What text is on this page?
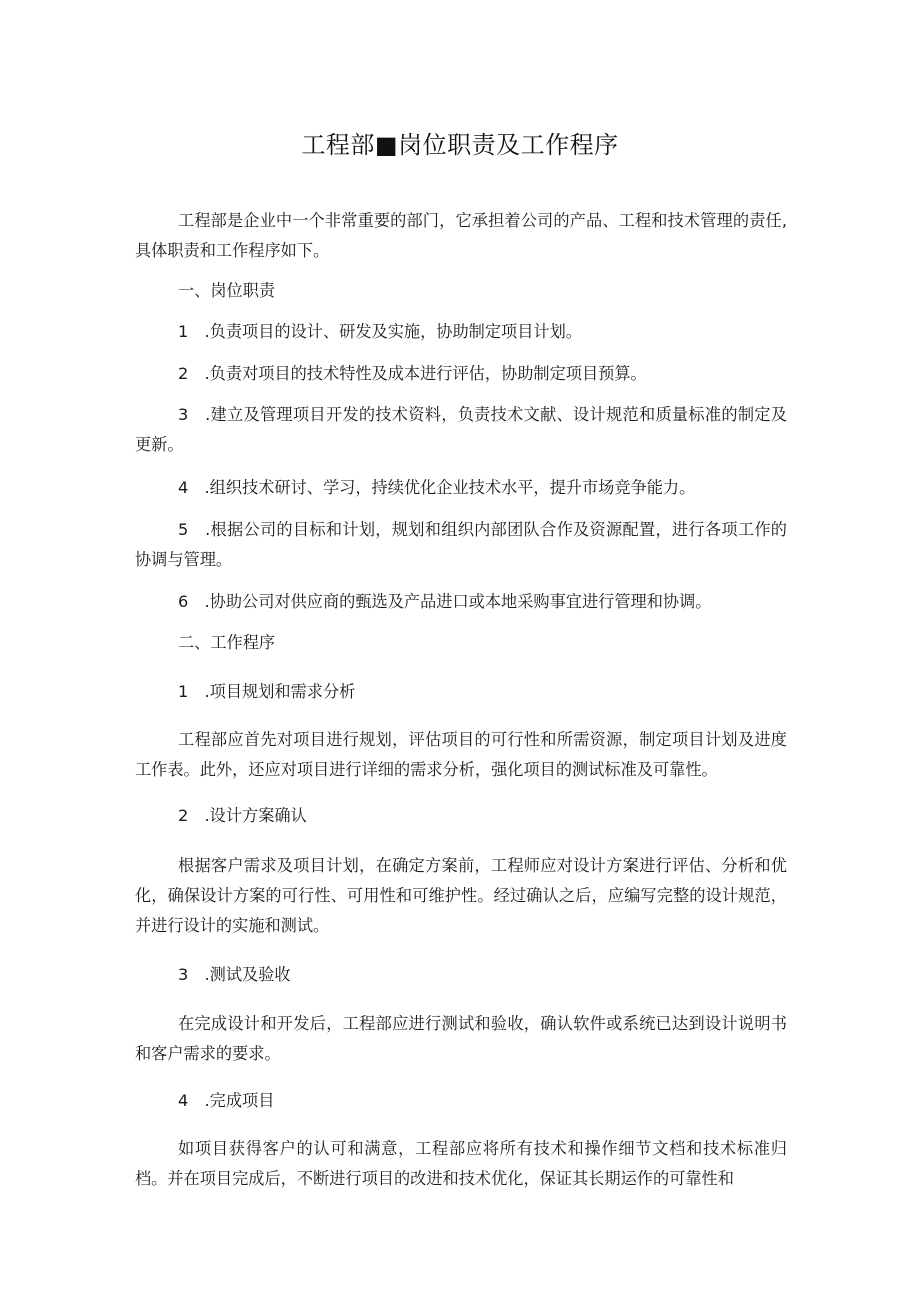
工程部■岗位职责及工作程序

工程部是企业中一个非常重要的部门，它承担着公司的产品、工程和技术管理的责任,具体职责和工作程序如下。

一、岗位职责

1　.负责项目的设计、研发及实施，协助制定项目计划。

2　.负责对项目的技术特性及成本进行评估，协助制定项目预算。

3　.建立及管理项目开发的技术资料，负责技术文献、设计规范和质量标准的制定及更新。

4　.组织技术研讨、学习，持续优化企业技术水平，提升市场竞争能力。

5　.根据公司的目标和计划，规划和组织内部团队合作及资源配置，进行各项工作的协调与管理。

6　.协助公司对供应商的甄选及产品进口或本地采购事宜进行管理和协调。

二、工作程序

1　.项目规划和需求分析

工程部应首先对项目进行规划，评估项目的可行性和所需资源，制定项目计划及进度工作表。此外，还应对项目进行详细的需求分析，强化项目的测试标准及可靠性。

2　.设计方案确认

根据客户需求及项目计划，在确定方案前，工程师应对设计方案进行评估、分析和优化，确保设计方案的可行性、可用性和可维护性。经过确认之后，应编写完整的设计规范，并进行设计的实施和测试。

3　.测试及验收

在完成设计和开发后，工程部应进行测试和验收，确认软件或系统已达到设计说明书和客户需求的要求。

4　.完成项目

如项目获得客户的认可和满意，工程部应将所有技术和操作细节文档和技术标准归档。并在项目完成后，不断进行项目的改进和技术优化，保证其长期运作的可靠性和
